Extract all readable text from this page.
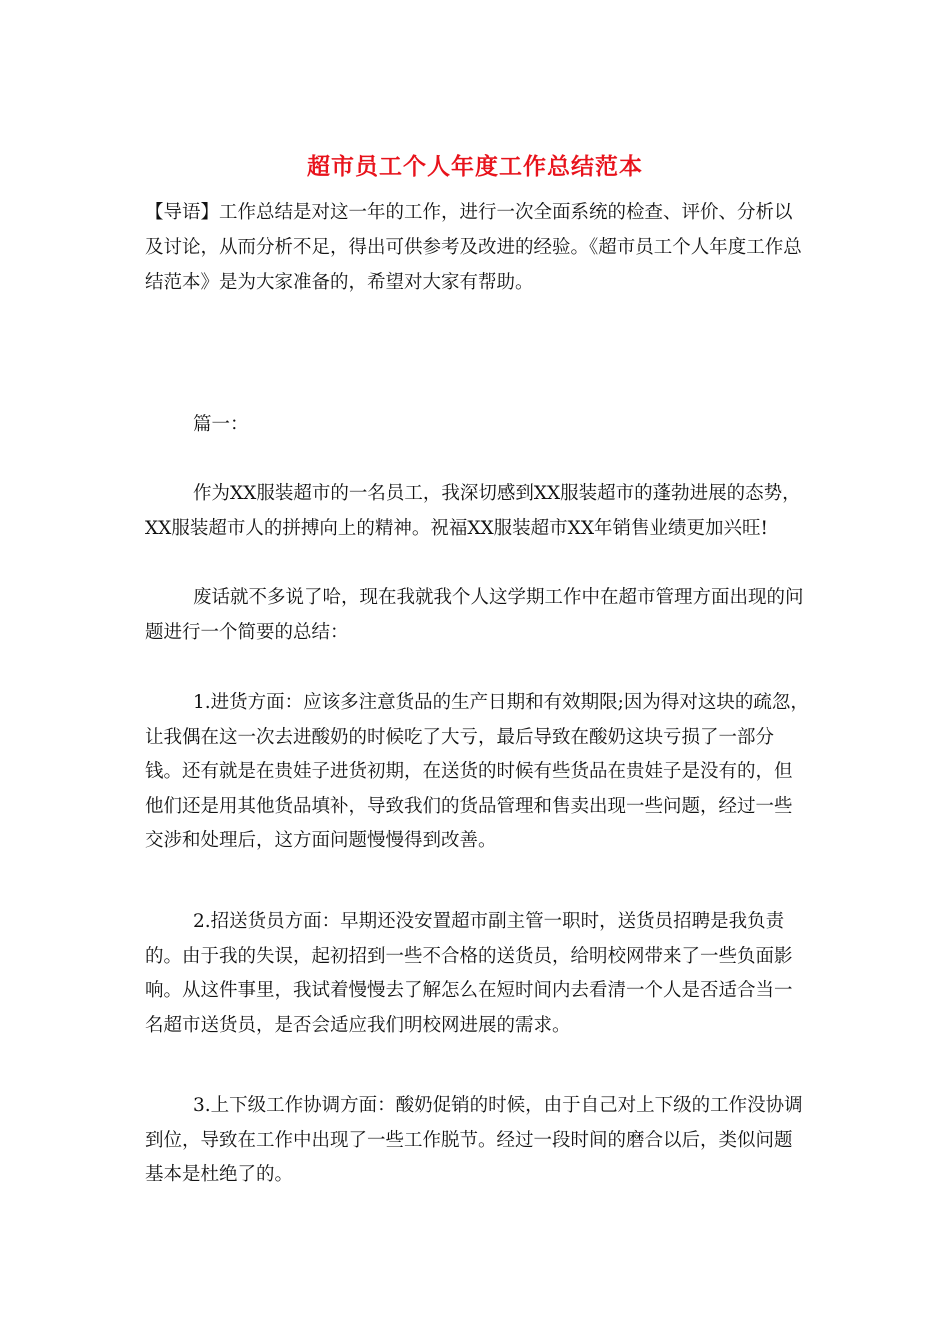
超市员工个人年度工作总结范本
【导语】工作总结是对这一年的工作，进行一次全面系统的检查、评价、分析以及讨论，从而分析不足，得出可供参考及改进的经验。《超市员工个人年度工作总结范本》是为大家准备的，希望对大家有帮助。
篇一：
作为XX服装超市的一名员工，我深切感到XX服装超市的蓬勃进展的态势，XX服装超市人的拼搏向上的精神。祝福XX服装超市XX年销售业绩更加兴旺!
废话就不多说了哈，现在我就我个人这学期工作中在超市管理方面出现的问题进行一个简要的总结：
1.进货方面：应该多注意货品的生产日期和有效期限;因为得对这块的疏忽，让我偶在这一次去进酸奶的时候吃了大亏，最后导致在酸奶这块亏损了一部分钱。还有就是在贵娃子进货初期，在送货的时候有些货品在贵娃子是没有的，但他们还是用其他货品填补，导致我们的货品管理和售卖出现一些问题，经过一些交涉和处理后，这方面问题慢慢得到改善。
2.招送货员方面：早期还没安置超市副主管一职时，送货员招聘是我负责的。由于我的失误，起初招到一些不合格的送货员，给明校网带来了一些负面影响。从这件事里，我试着慢慢去了解怎么在短时间内去看清一个人是否适合当一名超市送货员，是否会适应我们明校网进展的需求。
3.上下级工作协调方面：酸奶促销的时候，由于自己对上下级的工作没协调到位，导致在工作中出现了一些工作脱节。经过一段时间的磨合以后，类似问题基本是杜绝了的。
